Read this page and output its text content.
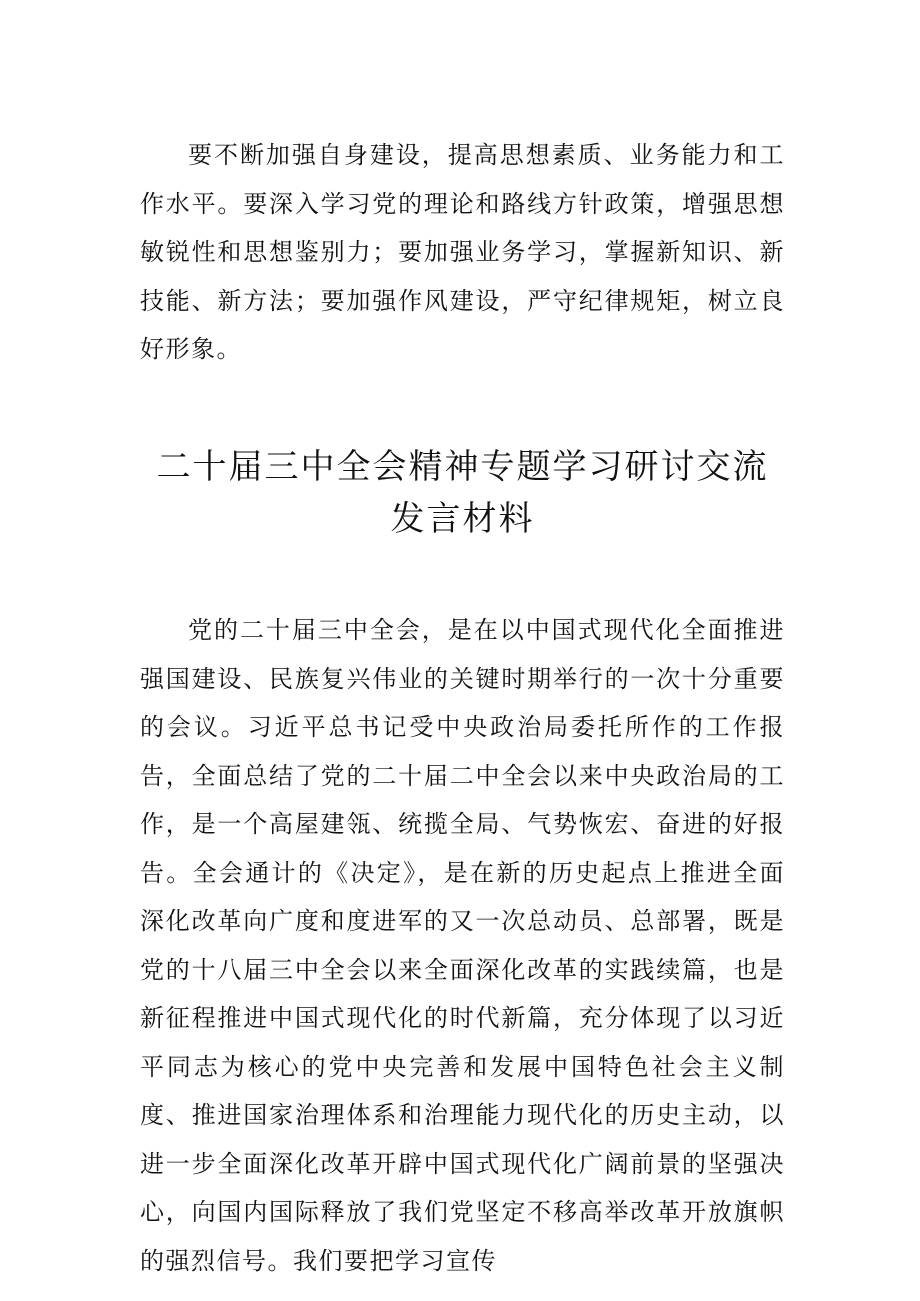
要不断加强自身建设，提高思想素质、业务能力和工作水平。要深入学习党的理论和路线方针政策，增强思想敏锐性和思想鉴别力；要加强业务学习，掌握新知识、新技能、新方法；要加强作风建设，严守纪律规矩，树立良好形象。

二十届三中全会精神专题学习研讨交流发言材料

党的二十届三中全会，是在以中国式现代化全面推进强国建设、民族复兴伟业的关键时期举行的一次十分重要的会议。习近平总书记受中央政治局委托所作的工作报告，全面总结了党的二十届二中全会以来中央政治局的工作，是一个高屋建瓴、统揽全局、气势恢宏、奋进的好报告。全会通计的《决定》，是在新的历史起点上推进全面深化改革向广度和度进军的又一次总动员、总部署，既是党的十八届三中全会以来全面深化改革的实践续篇，也是新征程推进中国式现代化的时代新篇，充分体现了以习近平同志为核心的党中央完善和发展中国特色社会主义制度、推进国家治理体系和治理能力现代化的历史主动，以进一步全面深化改革开辟中国式现代化广阔前景的坚强决心，向国内国际释放了我们党坚定不移高举改革开放旗帜的强烈信号。我们要把学习宣传
